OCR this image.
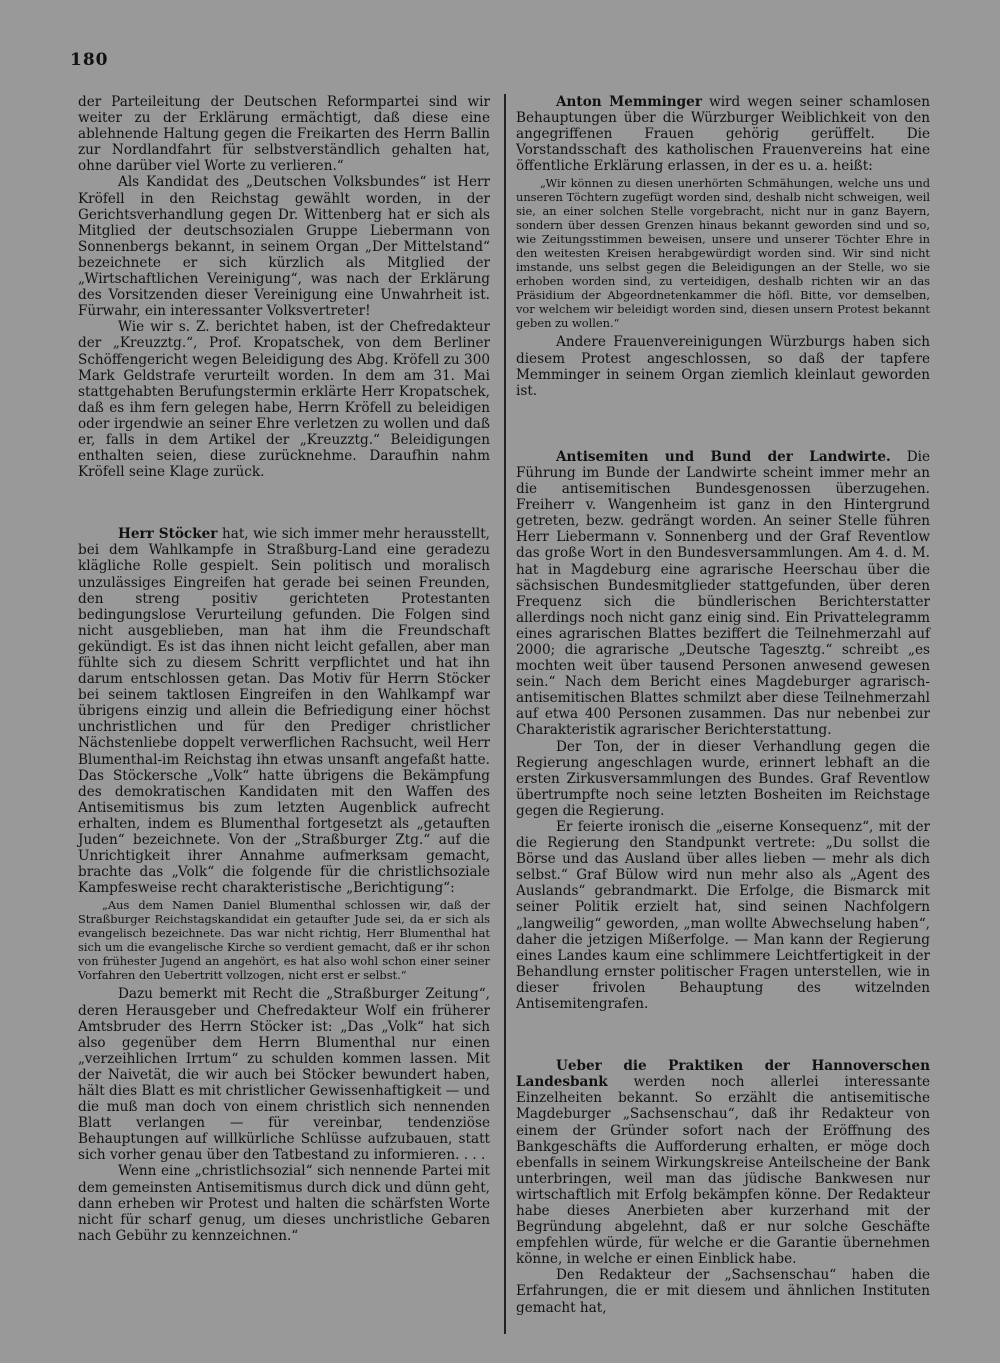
180

der Parteileitung der Deutschen Reformpartei sind wir weiter zu der Erklärung ermächtigt, daß diese eine ablehnende Haltung gegen die Freikarten des Herrn Ballin zur Nordlandfahrt für selbstverständlich gehalten hat, ohne darüber viel Worte zu verlieren.“

Als Kandidat des „Deutschen Volksbundes“ ist Herr Kröfell in den Reichstag gewählt worden, in der Gerichtsverhandlung gegen Dr. Wittenberg hat er sich als Mitglied der deutschsozialen Gruppe Liebermann von Sonnenbergs bekannt, in seinem Organ „Der Mittelstand“ bezeichnete er sich kürzlich als Mitglied der „Wirtschaftlichen Vereinigung“, was nach der Erklärung des Vorsitzenden dieser Vereinigung eine Unwahrheit ist. Fürwahr, ein interessanter Volksvertreter!

Wie wir s. Z. berichtet haben, ist der Chefredakteur der „Kreuzztg.“, Prof. Kropatschek, von dem Berliner Schöffengericht wegen Beleidigung des Abg. Kröfell zu 300 Mark Geldstrafe verurteilt worden. In dem am 31. Mai stattgehabten Berufungstermin erklärte Herr Kropatschek, daß es ihm fern gelegen habe, Herrn Kröfell zu beleidigen oder irgendwie an seiner Ehre verletzen zu wollen und daß er, falls in dem Artikel der „Kreuzztg.“ Beleidigungen enthalten seien, diese zurücknehme. Daraufhin nahm Kröfell seine Klage zurück.

Herr Stöcker hat, wie sich immer mehr herausstellt, bei dem Wahlkampfe in Straßburg-Land eine geradezu klägliche Rolle gespielt. Sein politisch und moralisch unzulässiges Eingreifen hat gerade bei seinen Freunden, den streng positiv gerichteten Protestanten bedingungslose Verurteilung gefunden. Die Folgen sind nicht ausgeblieben, man hat ihm die Freundschaft gekündigt. Es ist das ihnen nicht leicht gefallen, aber man fühlte sich zu diesem Schritt verpflichtet und hat ihn darum entschlossen getan. Das Motiv für Herrn Stöcker bei seinem taktlosen Eingreifen in den Wahlkampf war übrigens einzig und allein die Befriedigung einer höchst unchristlichen und für den Prediger christlicher Nächstenliebe doppelt verwerflichen Rachsucht, weil Herr Blumenthal-im Reichstag ihn etwas unsanft angefaßt hatte. Das Stöckersche „Volk“ hatte übrigens die Bekämpfung des demokratischen Kandidaten mit den Waffen des Antisemitismus bis zum letzten Augenblick aufrecht erhalten, indem es Blumenthal fortgesetzt als „getauften Juden“ bezeichnete. Von der „Straßburger Ztg.“ auf die Unrichtigkeit ihrer Annahme aufmerksam gemacht, brachte das „Volk“ die folgende für die christlichsoziale Kampfesweise recht charakteristische „Berichtigung“:

„Aus dem Namen Daniel Blumenthal schlossen wir, daß der Straßburger Reichstagskandidat ein getaufter Jude sei, da er sich als evangelisch bezeichnete. Das war nicht richtig, Herr Blumenthal hat sich um die evangelische Kirche so verdient gemacht, daß er ihr schon von frühester Jugend an angehört, es hat also wohl schon einer seiner Vorfahren den Uebertritt vollzogen, nicht erst er selbst.“

Dazu bemerkt mit Recht die „Straßburger Zeitung“, deren Herausgeber und Chefredakteur Wolf ein früherer Amtsbruder des Herrn Stöcker ist: „Das „Volk“ hat sich also gegenüber dem Herrn Blumenthal nur einen „verzeihlichen Irrtum“ zu schulden kommen lassen. Mit der Naivetät, die wir auch bei Stöcker bewundert haben, hält dies Blatt es mit christlicher Gewissenhaftigkeit — und die muß man doch von einem christlich sich nennenden Blatt verlangen — für vereinbar, tendenziöse Behauptungen auf willkürliche Schlüsse aufzubauen, statt sich vorher genau über den Tatbestand zu informieren. . . .

Wenn eine „christlichsozial“ sich nennende Partei mit dem gemeinsten Antisemitismus durch dick und dünn geht, dann erheben wir Protest und halten die schärfsten Worte nicht für scharf genug, um dieses unchristliche Gebaren nach Gebühr zu kennzeichnen.“

Anton Memminger wird wegen seiner schamlosen Behauptungen über die Würzburger Weiblichkeit von den angegriffenen Frauen gehörig gerüffelt. Die Vorstandsschaft des katholischen Frauenvereins hat eine öffentliche Erklärung erlassen, in der es u. a. heißt:

„Wir können zu diesen unerhörten Schmähungen, welche uns und unseren Töchtern zugefügt worden sind, deshalb nicht schweigen, weil sie, an einer solchen Stelle vorgebracht, nicht nur in ganz Bayern, sondern über dessen Grenzen hinaus bekannt geworden sind und so, wie Zeitungsstimmen beweisen, unsere und unserer Töchter Ehre in den weitesten Kreisen herabgewürdigt worden sind. Wir sind nicht imstande, uns selbst gegen die Beleidigungen an der Stelle, wo sie erhoben worden sind, zu verteidigen, deshalb richten wir an das Präsidium der Abgeordnetenkammer die höfl. Bitte, vor demselben, vor welchem wir beleidigt worden sind, diesen unsern Protest bekannt geben zu wollen.“

Andere Frauenvereinigungen Würzburgs haben sich diesem Protest angeschlossen, so daß der tapfere Memminger in seinem Organ ziemlich kleinlaut geworden ist.

Antisemiten und Bund der Landwirte. Die Führung im Bunde der Landwirte scheint immer mehr an die antisemitischen Bundesgenossen überzugehen. Freiherr v. Wangenheim ist ganz in den Hintergrund getreten, bezw. gedrängt worden. An seiner Stelle führen Herr Liebermann v. Sonnenberg und der Graf Reventlow das große Wort in den Bundesversammlungen. Am 4. d. M. hat in Magdeburg eine agrarische Heerschau über die sächsischen Bundesmitglieder stattgefunden, über deren Frequenz sich die bündlerischen Berichterstatter allerdings noch nicht ganz einig sind. Ein Privattelegramm eines agrarischen Blattes beziffert die Teilnehmerzahl auf 2000; die agrarische „Deutsche Tagesztg.“ schreibt „es mochten weit über tausend Personen anwesend gewesen sein.“ Nach dem Bericht eines Magdeburger agrarisch-antisemitischen Blattes schmilzt aber diese Teilnehmerzahl auf etwa 400 Personen zusammen. Das nur nebenbei zur Charakteristik agrarischer Berichterstattung.

Der Ton, der in dieser Verhandlung gegen die Regierung angeschlagen wurde, erinnert lebhaft an die ersten Zirkusversammlungen des Bundes. Graf Reventlow übertrumpfte noch seine letzten Bosheiten im Reichstage gegen die Regierung.

Er feierte ironisch die „eiserne Konsequenz“, mit der die Regierung den Standpunkt vertrete: „Du sollst die Börse und das Ausland über alles lieben — mehr als dich selbst.“ Graf Bülow wird nun mehr also als „Agent des Auslands“ gebrandmarkt. Die Erfolge, die Bismarck mit seiner Politik erzielt hat, sind seinen Nachfolgern „langweilig“ geworden, „man wollte Abwechselung haben“, daher die jetzigen Mißerfolge. — Man kann der Regierung eines Landes kaum eine schlimmere Leichtfertigkeit in der Behandlung ernster politischer Fragen unterstellen, wie in dieser frivolen Behauptung des witzelnden Antisemitengrafen.

Ueber die Praktiken der Hannoverschen Landesbank werden noch allerlei interessante Einzelheiten bekannt. So erzählt die antisemitische Magdeburger „Sachsenschau“, daß ihr Redakteur von einem der Gründer sofort nach der Eröffnung des Bankgeschäfts die Aufforderung erhalten, er möge doch ebenfalls in seinem Wirkungskreise Anteilscheine der Bank unterbringen, weil man das jüdische Bankwesen nur wirtschaftlich mit Erfolg bekämpfen könne. Der Redakteur habe dieses Anerbieten aber kurzerhand mit der Begründung abgelehnt, daß er nur solche Geschäfte empfehlen würde, für welche er die Garantie übernehmen könne, in welche er einen Einblick habe.

Den Redakteur der „Sachsenschau“ haben die Erfahrungen, die er mit diesem und ähnlichen Instituten gemacht hat,
